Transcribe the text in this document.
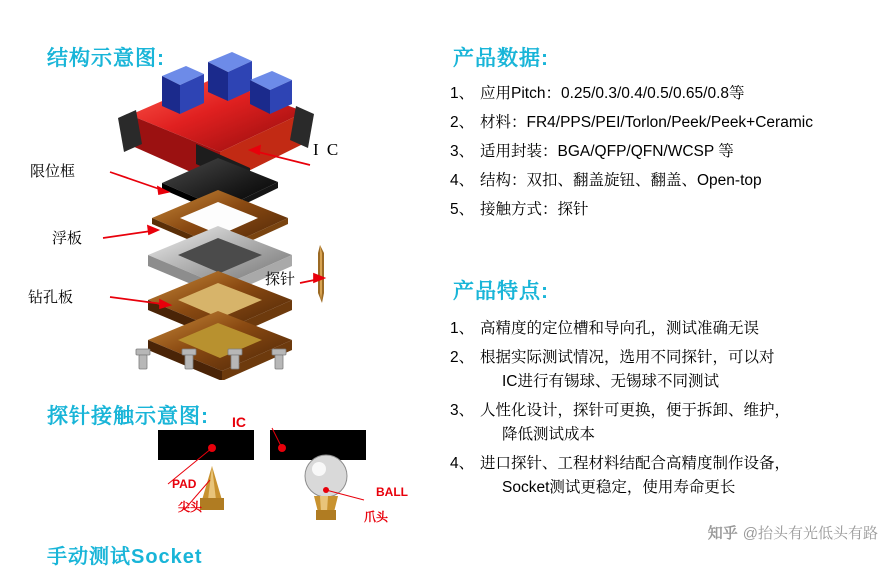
结构示意图:
限位框
浮板
钻孔板
I C
探针
探针接触示意图: IC
PAD
BALL
尖头
爪头
手动测试Socket
产品数据:
1、 应用Pitch：0.25/0.3/0.4/0.5/0.65/0.8等
2、 材料：FR4/PPS/PEI/Torlon/Peek/Peek+Ceramic
3、 适用封装：BGA/QFP/QFN/WCSP 等
4、 结构：双扣、翻盖旋钮、翻盖、Open-top
5、 接触方式：探针
产品特点:
1、 高精度的定位槽和导向孔，测试准确无误
2、 根据实际测试情况，选用不同探针，可以对
IC进行有锡球、无锡球不同测试
3、 人性化设计，探针可更换，便于拆卸、维护，
降低测试成本
4、 进口探针、工程材料结配合高精度制作设备，
Socket测试更稳定，使用寿命更长
知乎 @抬头有光低头有路
